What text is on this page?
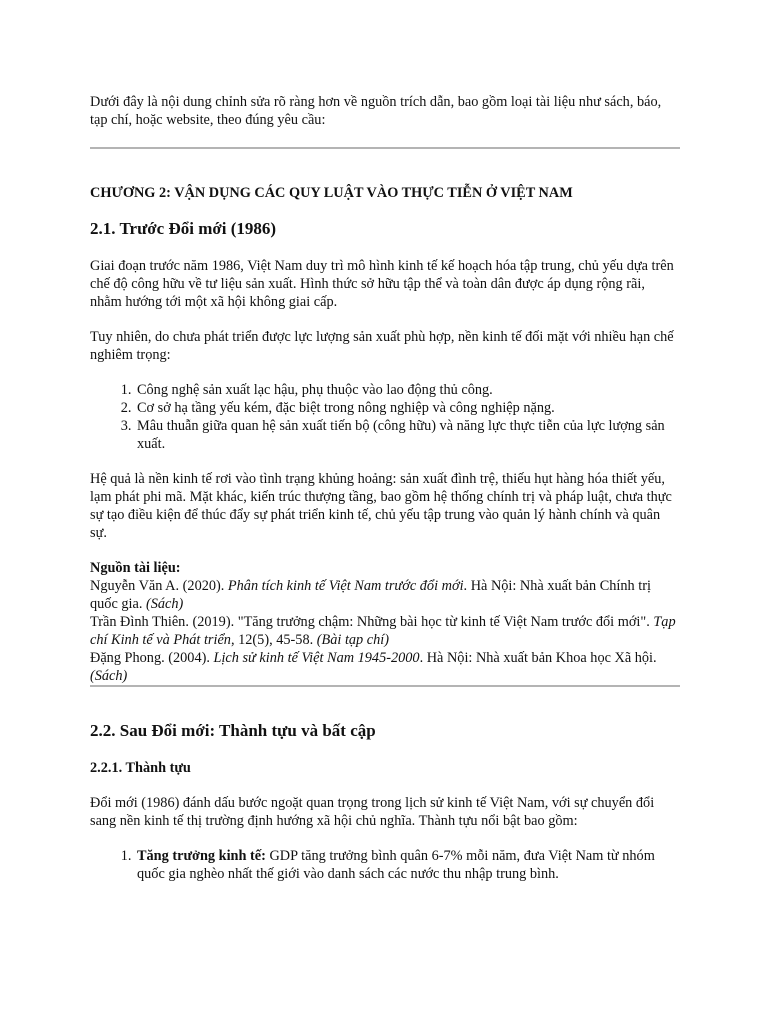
Dưới đây là nội dung chỉnh sửa rõ ràng hơn về nguồn trích dẫn, bao gồm loại tài liệu như sách, báo, tạp chí, hoặc website, theo đúng yêu cầu:

CHƯƠNG 2: VẬN DỤNG CÁC QUY LUẬT VÀO THỰC TIỄN Ở VIỆT NAM

2.1. Trước Đổi mới (1986)

Giai đoạn trước năm 1986, Việt Nam duy trì mô hình kinh tế kế hoạch hóa tập trung, chủ yếu dựa trên chế độ công hữu về tư liệu sản xuất. Hình thức sở hữu tập thể và toàn dân được áp dụng rộng rãi, nhằm hướng tới một xã hội không giai cấp.

Tuy nhiên, do chưa phát triển được lực lượng sản xuất phù hợp, nền kinh tế đối mặt với nhiều hạn chế nghiêm trọng:

1. Công nghệ sản xuất lạc hậu, phụ thuộc vào lao động thủ công.
2. Cơ sở hạ tầng yếu kém, đặc biệt trong nông nghiệp và công nghiệp nặng.
3. Mâu thuẫn giữa quan hệ sản xuất tiến bộ (công hữu) và năng lực thực tiễn của lực lượng sản xuất.

Hệ quả là nền kinh tế rơi vào tình trạng khủng hoảng: sản xuất đình trệ, thiếu hụt hàng hóa thiết yếu, lạm phát phi mã. Mặt khác, kiến trúc thượng tầng, bao gồm hệ thống chính trị và pháp luật, chưa thực sự tạo điều kiện để thúc đẩy sự phát triển kinh tế, chủ yếu tập trung vào quản lý hành chính và quân sự.

Nguồn tài liệu:

Nguyễn Văn A. (2020). Phân tích kinh tế Việt Nam trước đổi mới. Hà Nội: Nhà xuất bản Chính trị quốc gia. (Sách)

Trần Đình Thiên. (2019). "Tăng trưởng chậm: Những bài học từ kinh tế Việt Nam trước đổi mới". Tạp chí Kinh tế và Phát triển, 12(5), 45-58. (Bài tạp chí)

Đặng Phong. (2004). Lịch sử kinh tế Việt Nam 1945-2000. Hà Nội: Nhà xuất bản Khoa học Xã hội. (Sách)

2.2. Sau Đổi mới: Thành tựu và bất cập
2.2.1. Thành tựu

Đổi mới (1986) đánh dấu bước ngoặt quan trọng trong lịch sử kinh tế Việt Nam, với sự chuyển đổi sang nền kinh tế thị trường định hướng xã hội chủ nghĩa. Thành tựu nổi bật bao gồm:

1. Tăng trưởng kinh tế: GDP tăng trưởng bình quân 6-7% mỗi năm, đưa Việt Nam từ nhóm quốc gia nghèo nhất thế giới vào danh sách các nước thu nhập trung bình.
